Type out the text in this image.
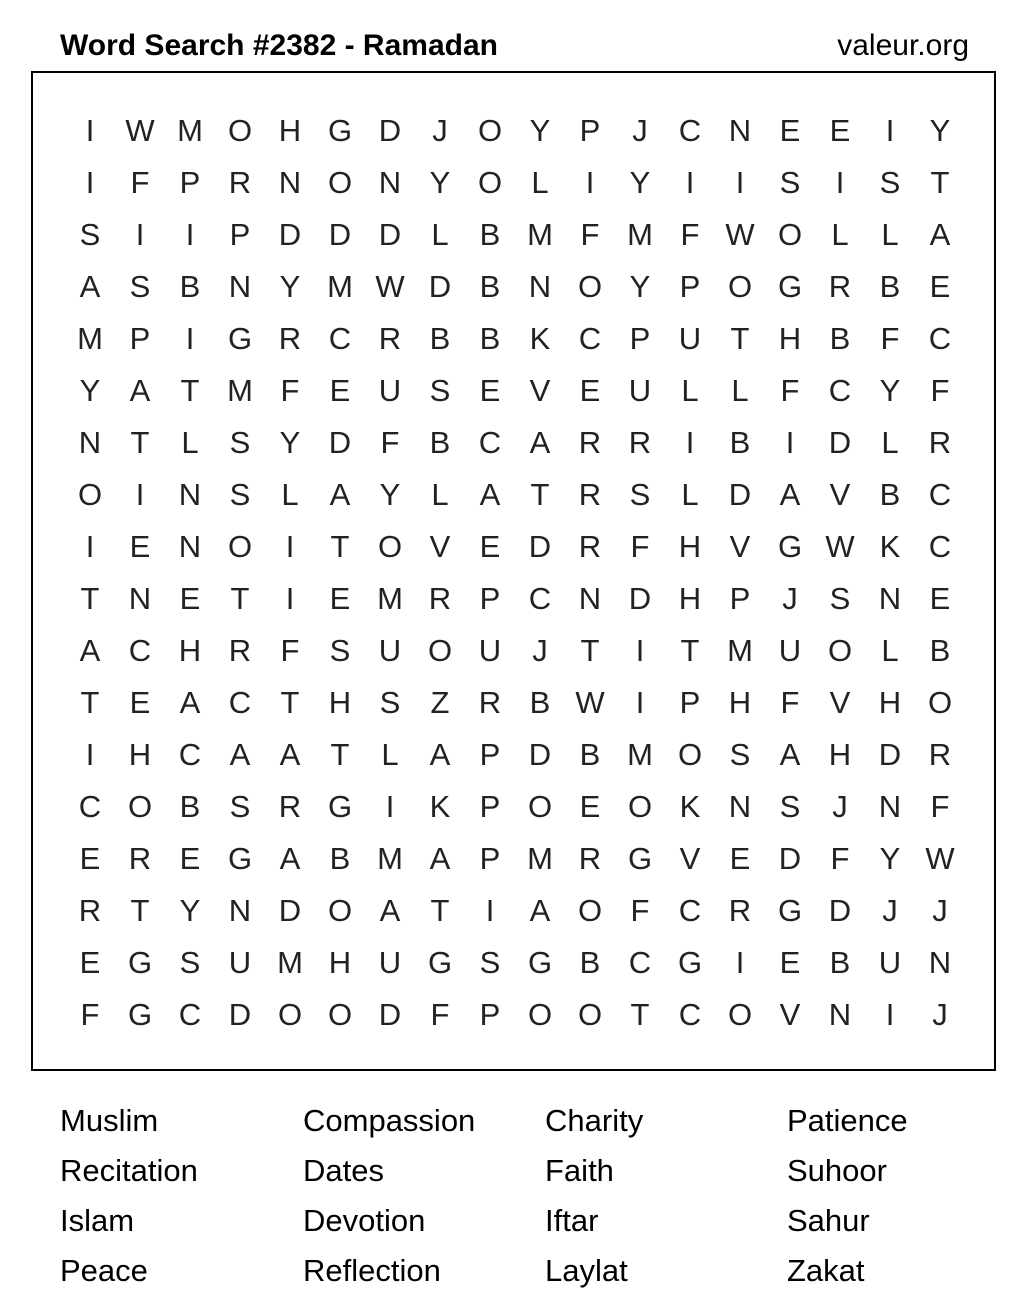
Word Search #2382 - Ramadan	valeur.org
I	W M O H G D	J O Y P	J	C N E E	I	Y
I	F P R N O N Y O L	I	Y	I	I	S	I	S T
S	I	I	P D D D L	B M F M F W O L	L	A
A S B N Y M W D B N O Y P O G R B E
M P	I	G R C R B B K C P U T H B F C
Y A T M F E U S E V E U L	L	F C Y F
N T	L	S Y D F B C A R R	I	B	I	D L R
O	I	N S	L	A Y	L	A T R S	L D A V B C
I	E N O	I	T O V E D R F H V G W K C
T N E T	I	E M R P C N D H P	J	S N E
A C H R F S U O U	J	T	I	T M U O L	B
T E A C T H S Z R B W	I	P H F V H O
I	H C A A T	L	A P D B M O S A H D R
C O B S R G	I	K P O E O K N S	J	N F
E R E G A B M A P M R G V E D F Y W
R T Y N D O A T	I	A O F C R G D	J	J
E G S U M H U G S G B C G	I	E B U N
F G C D O O D F P O O T C O V N	I	J
Muslim	Compassion Charity	Patience
Recitation	Dates	Faith	Suhoor
Islam	Devotion	Iftar	Sahur
Peace	Reflection	Laylat	Zakat
